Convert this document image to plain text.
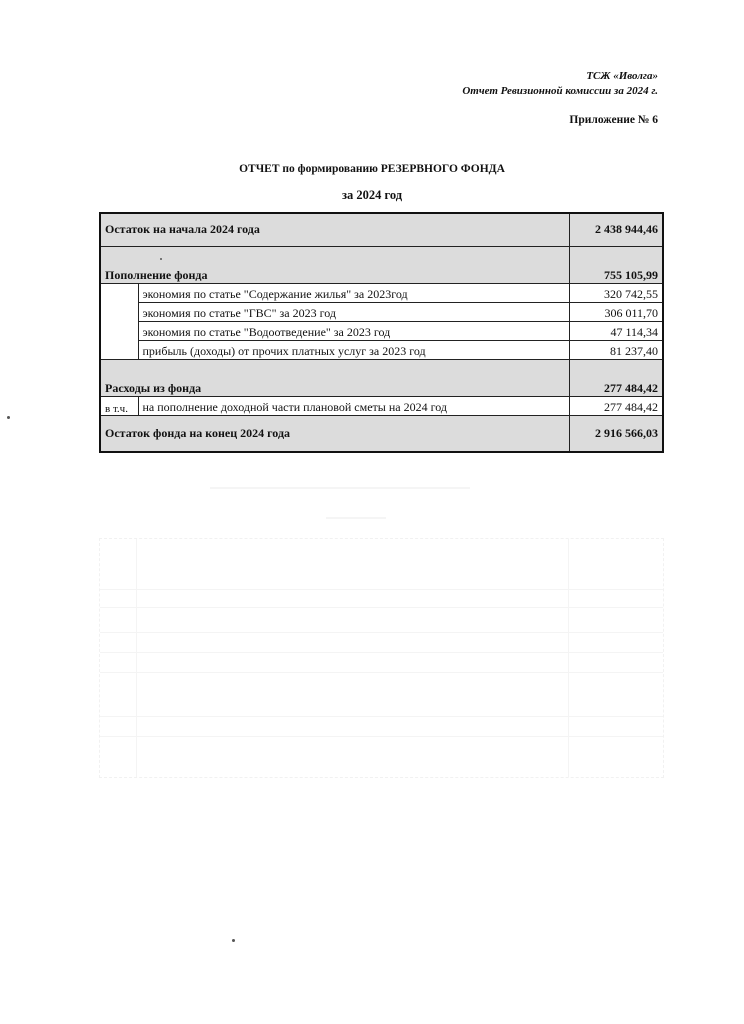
ТСЖ «Иволга»
Отчет Ревизионной комиссии за 2024 г.
Приложение № 6
ОТЧЕТ по формированию РЕЗЕРВНОГО ФОНДА
за 2024 год
Остаток на начала 2024 года		2 438 944,46
Пополнение фонда		755 105,99
	экономия по статье "Содержание жилья" за 2023год	320 742,55
	экономия по статье "ГВС" за 2023 год	306 011,70
	экономия по статье "Водоотведение" за 2023 год	47 114,34
	прибыль (доходы) от прочих платных услуг за 2023 год	81 237,40
Расходы из фонда		277 484,42
в т.ч.	на пополнение доходной части плановой сметы на 2024 год	277 484,42
Остаток фонда на конец 2024 года		2 916 566,03
